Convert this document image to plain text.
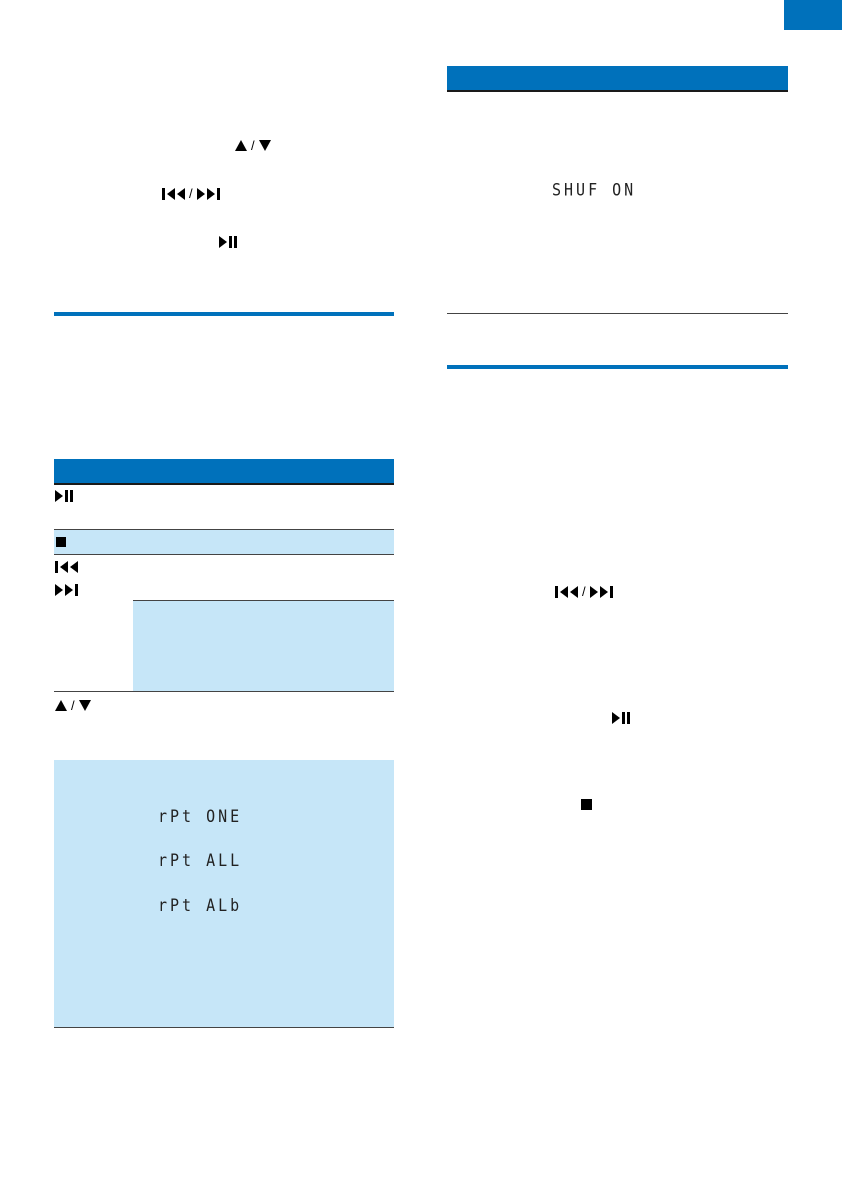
/
/
/
rPt ONE
rPt ALL
rPt ALb
SHUF ON
/
